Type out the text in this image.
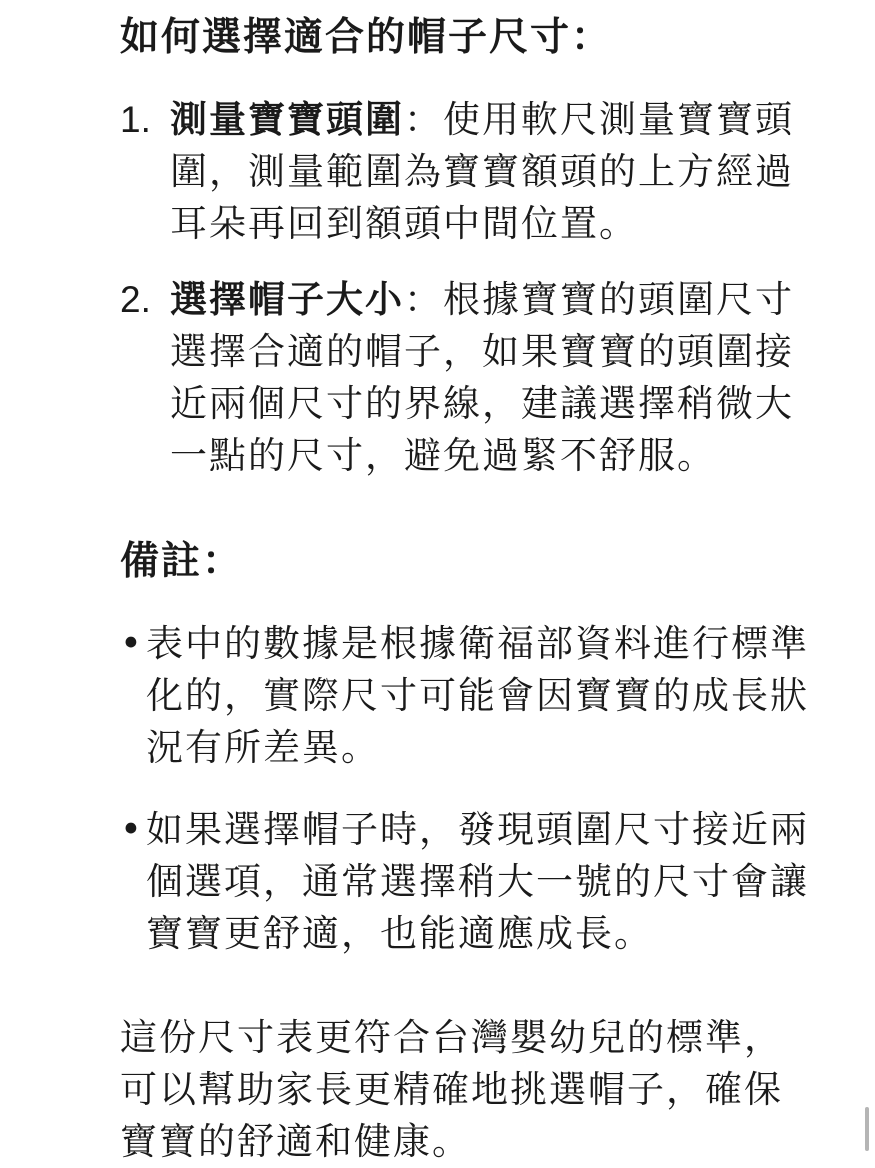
如何選擇適合的帽子尺寸：
1. 測量寶寶頭圍：使用軟尺測量寶寶頭圍，測量範圍為寶寶額頭的上方經過耳朵再回到額頭中間位置。
2. 選擇帽子大小：根據寶寶的頭圍尺寸選擇合適的帽子，如果寶寶的頭圍接近兩個尺寸的界線，建議選擇稍微大一點的尺寸，避免過緊不舒服。
備註：
• 表中的數據是根據衛福部資料進行標準化的，實際尺寸可能會因寶寶的成長狀況有所差異。
• 如果選擇帽子時，發現頭圍尺寸接近兩個選項，通常選擇稍大一號的尺寸會讓寶寶更舒適，也能適應成長。

這份尺寸表更符合台灣嬰幼兒的標準，可以幫助家長更精確地挑選帽子，確保寶寶的舒適和健康。
